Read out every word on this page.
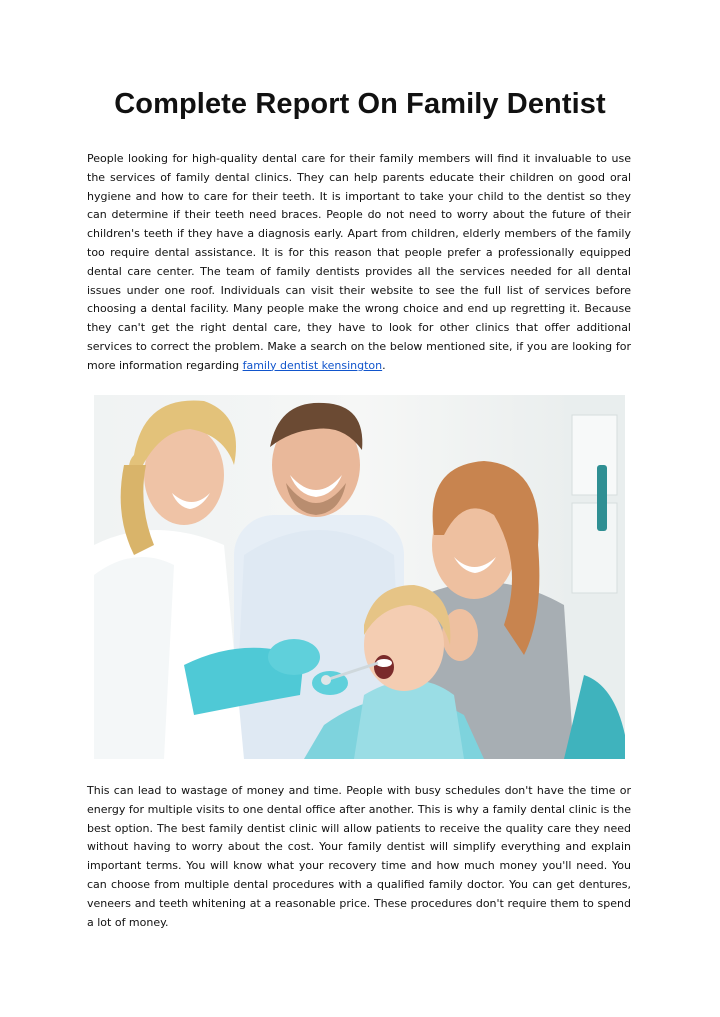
Complete Report On Family Dentist

People looking for high-quality dental care for their family members will find it invaluable to use the services of family dental clinics. They can help parents educate their children on good oral hygiene and how to care for their teeth. It is important to take your child to the dentist so they can determine if their teeth need braces. People do not need to worry about the future of their children's teeth if they have a diagnosis early. Apart from children, elderly members of the family too require dental assistance. It is for this reason that people prefer a professionally equipped dental care center. The team of family dentists provides all the services needed for all dental issues under one roof. Individuals can visit their website to see the full list of services before choosing a dental facility. Many people make the wrong choice and end up regretting it. Because they can't get the right dental care, they have to look for other clinics that offer additional services to correct the problem. Make a search on the below mentioned site, if you are looking for more information regarding family dentist kensington.

This can lead to wastage of money and time. People with busy schedules don't have the time or energy for multiple visits to one dental office after another. This is why a family dental clinic is the best option. The best family dentist clinic will allow patients to receive the quality care they need without having to worry about the cost. Your family dentist will simplify everything and explain important terms. You will know what your recovery time and how much money you'll need. You can choose from multiple dental procedures with a qualified family doctor. You can get dentures, veneers and teeth whitening at a reasonable price. These procedures don't require them to spend a lot of money.
